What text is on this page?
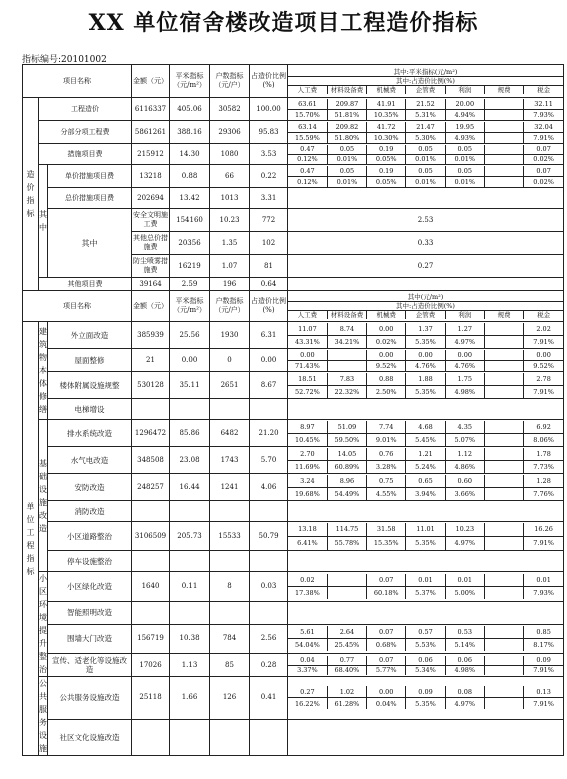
XX 单位宿舍楼改造项目工程造价指标
指标编号:20101002
项目名称	金额（元）	平米指标（元/m²）	户数指标（元/户）	占造价比例(%)	
其中:平米指标(元/m²)
其中:占造价比例(%)
人工费	材料设备费	机械费	企管费	利润	规费	税金

造价指标	工程造价	6116337	405.06	30582	100.00	
63.61	209.87	41.91	21.52	20.00		32.11
15.70%	51.81%	10.35%	5.31%	4.94%		7.93%

分部分项工程费	5861261	388.16	29306	95.83	
63.14	209.82	41.72	21.47	19.95		32.04
15.59%	51.80%	10.30%	5.30%	4.93%		7.91%

措施项目费	215912	14.30	1080	3.53	
0.47	0.05	0.19	0.05	0.05		0.07
0.12%	0.01%	0.05%	0.01%	0.01%		0.02%

其中	单价措施项目费	13218	0.88	66	0.22	
0.47	0.05	0.19	0.05	0.05		0.07
0.12%	0.01%	0.05%	0.01%	0.01%		0.02%

总价措施项目费	202694	13.42	1013	3.31	
其中	安全文明施工费	154160	10.23	772	2.53	
其他总价措施费	20356	1.35	102	0.33	
防尘喷雾措施费	16219	1.07	81	0.27	
其他项目费	39164	2.59	196	0.64	
项目名称	金额（元）	平米指标（元/m²）	户数指标（元/户）	占造价比例(%)	
其中(元/m²)
其中:占造价比例(%)
人工费	材料设备费	机械费	企管费	利润	规费	税金

单位工程指标	建筑物本体修缮	外立面改造	385939	25.56	1930	6.31	
11.07	8.74	0.00	1.37	1.27		2.02
43.31%	34.21%	0.02%	5.35%	4.97%		7.91%

屋面整修	21	0.00	0	0.00	
0.00		0.00	0.00	0.00		0.00
71.43%		9.52%	4.76%	4.76%		9.52%

楼体附属设施规整	530128	35.11	2651	8.67	
18.51	7.83	0.88	1.88	1.75		2.78
52.72%	22.32%	2.50%	5.35%	4.98%		7.91%

电梯增设					
基础设施改造	排水系统改造	1296472	85.86	6482	21.20	
8.97	51.09	7.74	4.68	4.35		6.92
10.45%	59.50%	9.01%	5.45%	5.07%		8.06%

水气电改造	348508	23.08	1743	5.70	
2.70	14.05	0.76	1.21	1.12		1.78
11.69%	60.89%	3.28%	5.24%	4.86%		7.73%

安防改造	248257	16.44	1241	4.06	
3.24	8.96	0.75	0.65	0.60		1.28
19.68%	54.49%	4.55%	3.94%	3.66%		7.76%

消防改造					
小区道路整治	3106509	205.73	15533	50.79	
13.18	114.75	31.58	11.01	10.23		16.26
6.41%	55.78%	15.35%	5.35%	4.97%		7.91%

停车设施整治					
小区环境提升整治	小区绿化改造	1640	0.11	8	0.03	
0.02		0.07	0.01	0.01		0.01
17.38%		60.18%	5.37%	5.00%		7.93%

智能照明改造					
围墙大门改造	156719	10.38	784	2.56	
5.61	2.64	0.07	0.57	0.53		0.85
54.04%	25.45%	0.68%	5.53%	5.14%		8.17%

宣传、适老化等设施改造	17026	1.13	85	0.28	
0.04	0.77	0.07	0.06	0.06		0.09
3.37%	68.40%	5.77%	5.34%	4.98%		7.91%

公共服务设施	公共服务设施改造	25118	1.66	126	0.41	
0.27	1.02	0.00	0.09	0.08		0.13
16.22%	61.28%	0.04%	5.35%	4.97%		7.91%

社区文化设施改造					
